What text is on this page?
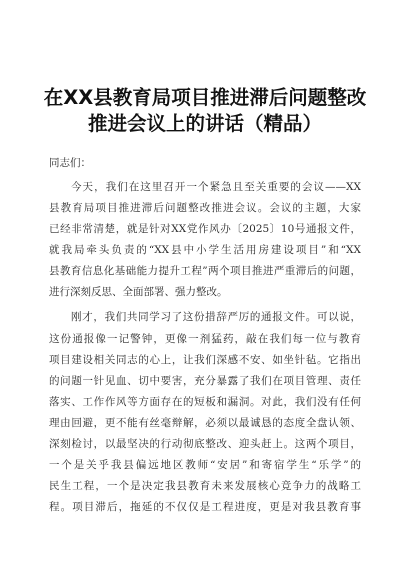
在XX县教育局项目推进滞后问题整改
推进会议上的讲话（精品）
同志们：
今天，我们在这里召开一个紧急且至关重要的会议——XX
县教育局项目推进滞后问题整改推进会议。会议的主题，大家
已经非常清楚，就是针对XX党作风办〔2025〕10号通报文件，
就我局牵头负责的“XX县中小学生活用房建设项目”和“XX
县教育信息化基础能力提升工程”两个项目推进严重滞后的问题，
进行深刻反思、全面部署、强力整改。
刚才，我们共同学习了这份措辞严厉的通报文件。可以说，
这份通报像一记警钟，更像一剂猛药，敲在我们每一位与教育
项目建设相关同志的心上，让我们深感不安、如坐针毡。它指出
的问题一针见血、切中要害，充分暴露了我们在项目管理、责任
落实、工作作风等方面存在的短板和漏洞。对此，我们没有任何
理由回避，更不能有丝毫辩解，必须以最诚恳的态度全盘认领、
深刻检讨，以最坚决的行动彻底整改、迎头赶上。这两个项目，
一个是关乎我县偏远地区教师“安居”和寄宿学生“乐学”的
民生工程，一个是决定我县教育未来发展核心竞争力的战略工
程。项目滞后，拖延的不仅仅是工程进度，更是对我县教育事
